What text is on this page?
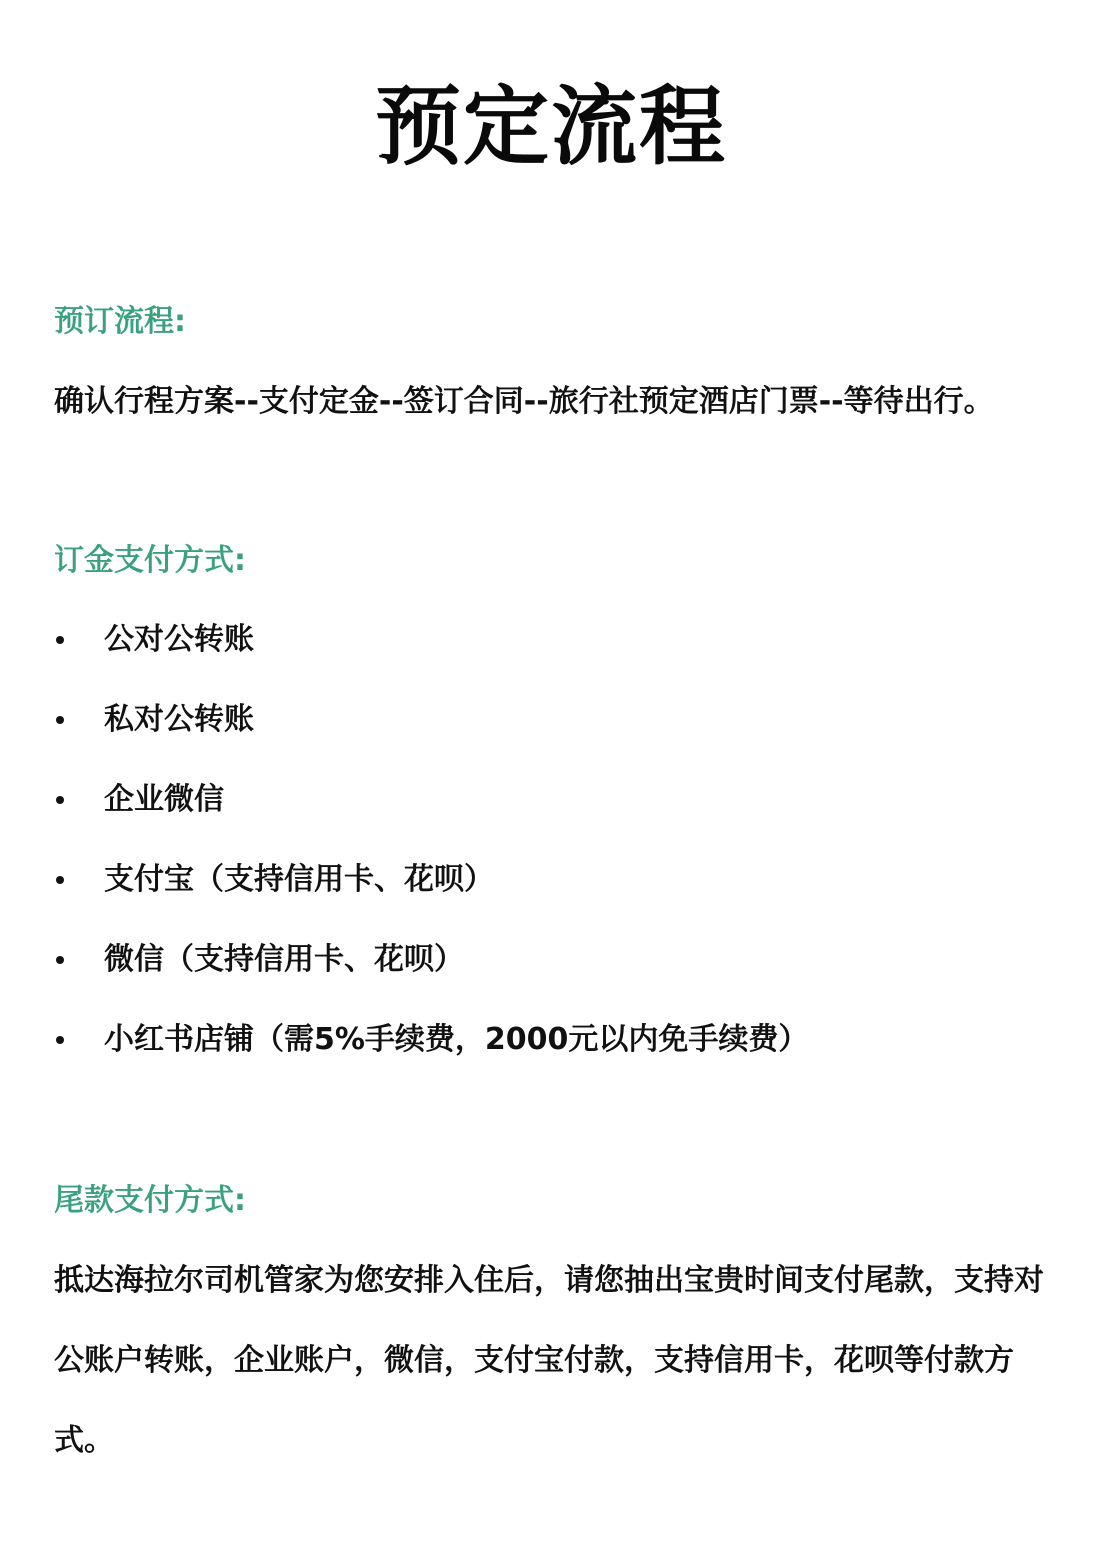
预定流程
预订流程:
确认行程方案--支付定金--签订合同--旅行社预定酒店门票--等待出行。
订金支付方式:
公对公转账
私对公转账
企业微信
支付宝（支持信用卡、花呗）
微信（支持信用卡、花呗）
小红书店铺（需5%手续费，2000元以内免手续费）
尾款支付方式:
抵达海拉尔司机管家为您安排入住后，请您抽出宝贵时间支付尾款，支持对公账户转账，企业账户，微信，支付宝付款，支持信用卡，花呗等付款方式。
